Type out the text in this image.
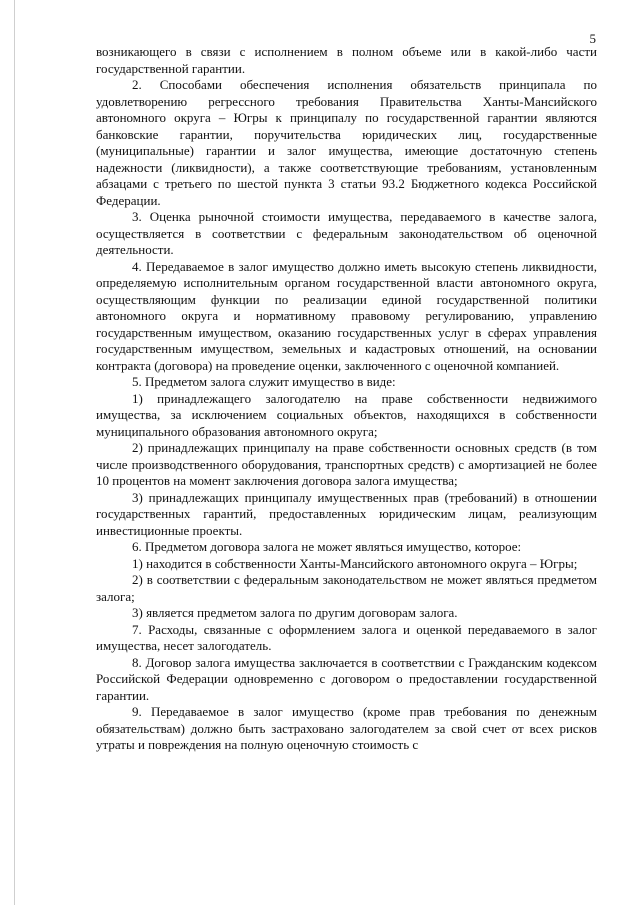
5

возникающего в связи с исполнением в полном объеме или в какой-либо части государственной гарантии.

2. Способами обеспечения исполнения обязательств принципала по удовлетворению регрессного требования Правительства Ханты-Мансийского автономного округа – Югры к принципалу по государственной гарантии являются банковские гарантии, поручительства юридических лиц, государственные (муниципальные) гарантии и залог имущества, имеющие достаточную степень надежности (ликвидности), а также соответствующие требованиям, установленным абзацами с третьего по шестой пункта 3 статьи 93.2 Бюджетного кодекса Российской Федерации.

3. Оценка рыночной стоимости имущества, передаваемого в качестве залога, осуществляется в соответствии с федеральным законодательством об оценочной деятельности.

4. Передаваемое в залог имущество должно иметь высокую степень ликвидности, определяемую исполнительным органом государственной власти автономного округа, осуществляющим функции по реализации единой государственной политики автономного округа и нормативному правовому регулированию, управлению государственным имуществом, оказанию государственных услуг в сферах управления государственным имуществом, земельных и кадастровых отношений, на основании контракта (договора) на проведение оценки, заключенного с оценочной компанией.

5. Предметом залога служит имущество в виде:

1) принадлежащего залогодателю на праве собственности недвижимого имущества, за исключением социальных объектов, находящихся в собственности муниципального образования автономного округа;

2) принадлежащих принципалу на праве собственности основных средств (в том числе производственного оборудования, транспортных средств) с амортизацией не более 10 процентов на момент заключения договора залога имущества;

3) принадлежащих принципалу имущественных прав (требований) в отношении государственных гарантий, предоставленных юридическим лицам, реализующим инвестиционные проекты.

6. Предметом договора залога не может являться имущество, которое:

1) находится в собственности Ханты-Мансийского автономного округа – Югры;

2) в соответствии с федеральным законодательством не может являться предметом залога;

3) является предметом залога по другим договорам залога.

7. Расходы, связанные с оформлением залога и оценкой передаваемого в залог имущества, несет залогодатель.

8. Договор залога имущества заключается в соответствии с Гражданским кодексом Российской Федерации одновременно с договором о предоставлении государственной гарантии.

9. Передаваемое в залог имущество (кроме прав требования по денежным обязательствам) должно быть застраховано залогодателем за свой счет от всех рисков утраты и повреждения на полную оценочную стоимость с
